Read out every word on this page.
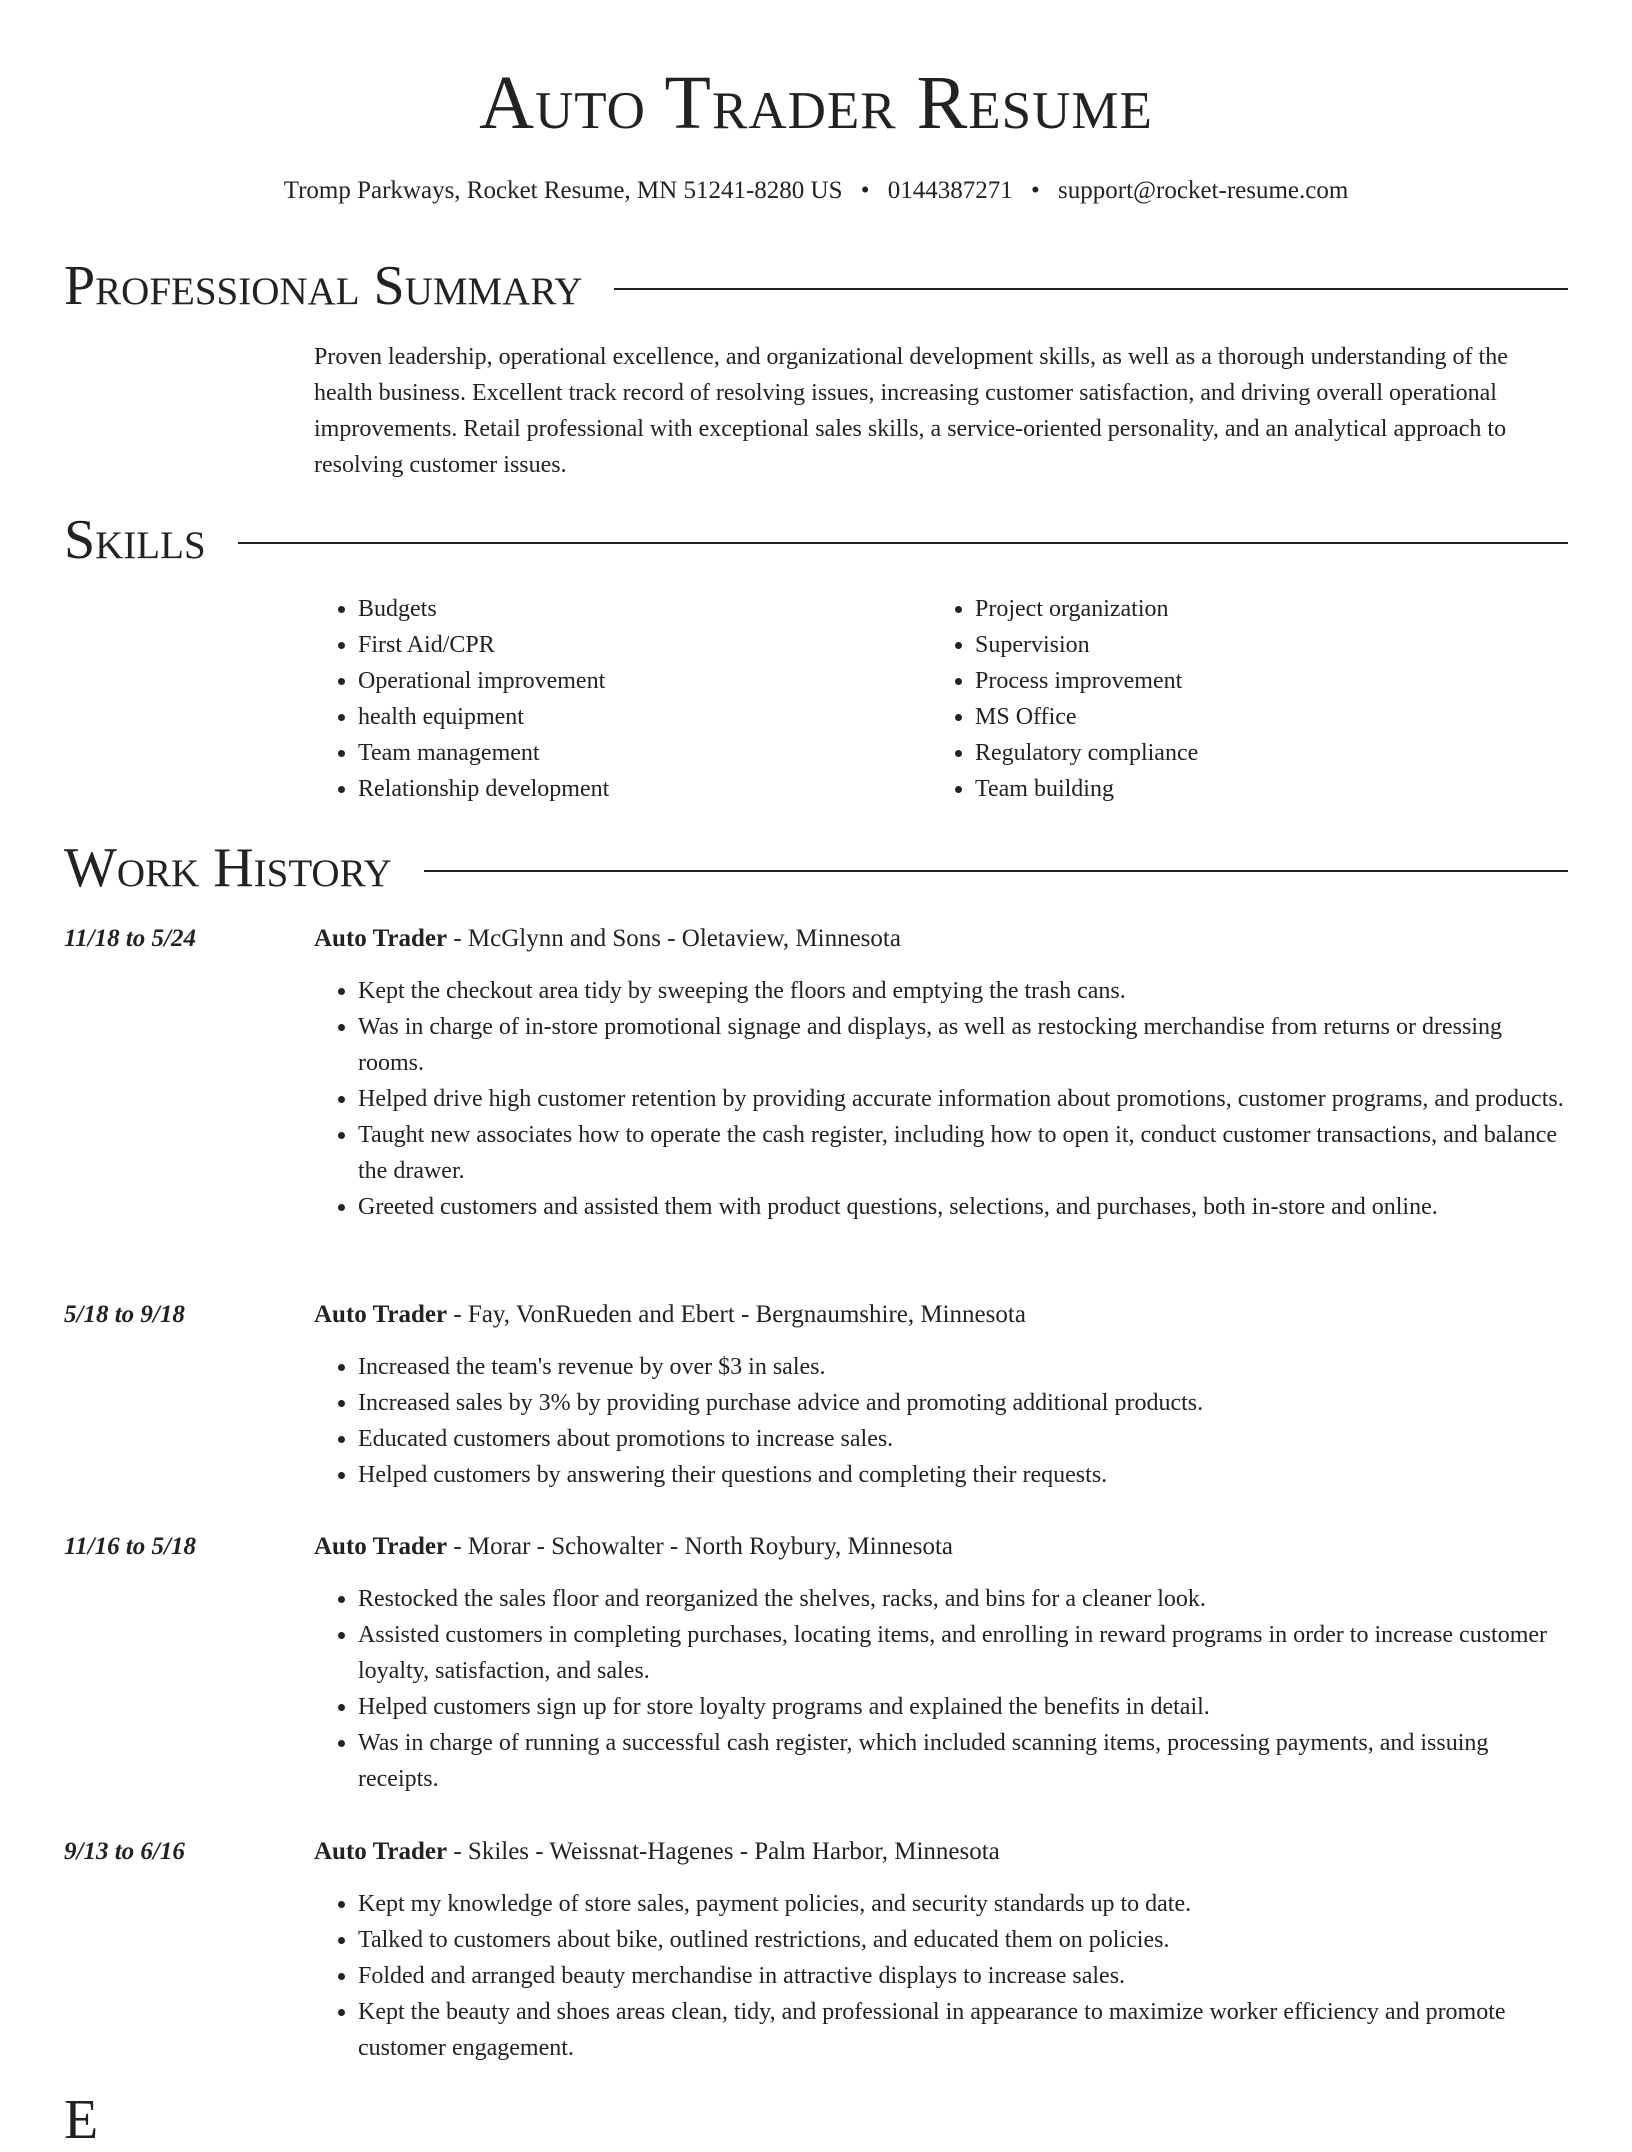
Auto Trader Resume
Tromp Parkways, Rocket Resume, MN 51241-8280 US • 0144387271 • support@rocket-resume.com
Professional Summary

Proven leadership, operational excellence, and organizational development skills, as well as a thorough understanding of the health business. Excellent track record of resolving issues, increasing customer satisfaction, and driving overall operational improvements. Retail professional with exceptional sales skills, a service-oriented personality, and an analytical approach to resolving customer issues.

Skills
• Budgets
• First Aid/CPR
• Operational improvement
• health equipment
• Team management
• Relationship development
• Project organization
• Supervision
• Process improvement
• MS Office
• Regulatory compliance
• Team building
Work History
11/18 to 5/24	Auto Trader - McGlynn and Sons - Oletaview, Minnesota
• Kept the checkout area tidy by sweeping the floors and emptying the trash cans.
• Was in charge of in-store promotional signage and displays, as well as restocking merchandise from returns or dressing rooms.
• Helped drive high customer retention by providing accurate information about promotions, customer programs, and products.
• Taught new associates how to operate the cash register, including how to open it, conduct customer transactions, and balance the drawer.
• Greeted customers and assisted them with product questions, selections, and purchases, both in-store and online.
5/18 to 9/18	Auto Trader - Fay, VonRueden and Ebert - Bergnaumshire, Minnesota
• Increased the team's revenue by over $3 in sales.
• Increased sales by 3% by providing purchase advice and promoting additional products.
• Educated customers about promotions to increase sales.
• Helped customers by answering their questions and completing their requests.
11/16 to 5/18	Auto Trader - Morar - Schowalter - North Roybury, Minnesota
• Restocked the sales floor and reorganized the shelves, racks, and bins for a cleaner look.
• Assisted customers in completing purchases, locating items, and enrolling in reward programs in order to increase customer loyalty, satisfaction, and sales.
• Helped customers sign up for store loyalty programs and explained the benefits in detail.
• Was in charge of running a successful cash register, which included scanning items, processing payments, and issuing receipts.
9/13 to 6/16	Auto Trader - Skiles - Weissnat-Hagenes - Palm Harbor, Minnesota
• Kept my knowledge of store sales, payment policies, and security standards up to date.
• Talked to customers about bike, outlined restrictions, and educated them on policies.
• Folded and arranged beauty merchandise in attractive displays to increase sales.
• Kept the beauty and shoes areas clean, tidy, and professional in appearance to maximize worker efficiency and promote customer engagement.
E
